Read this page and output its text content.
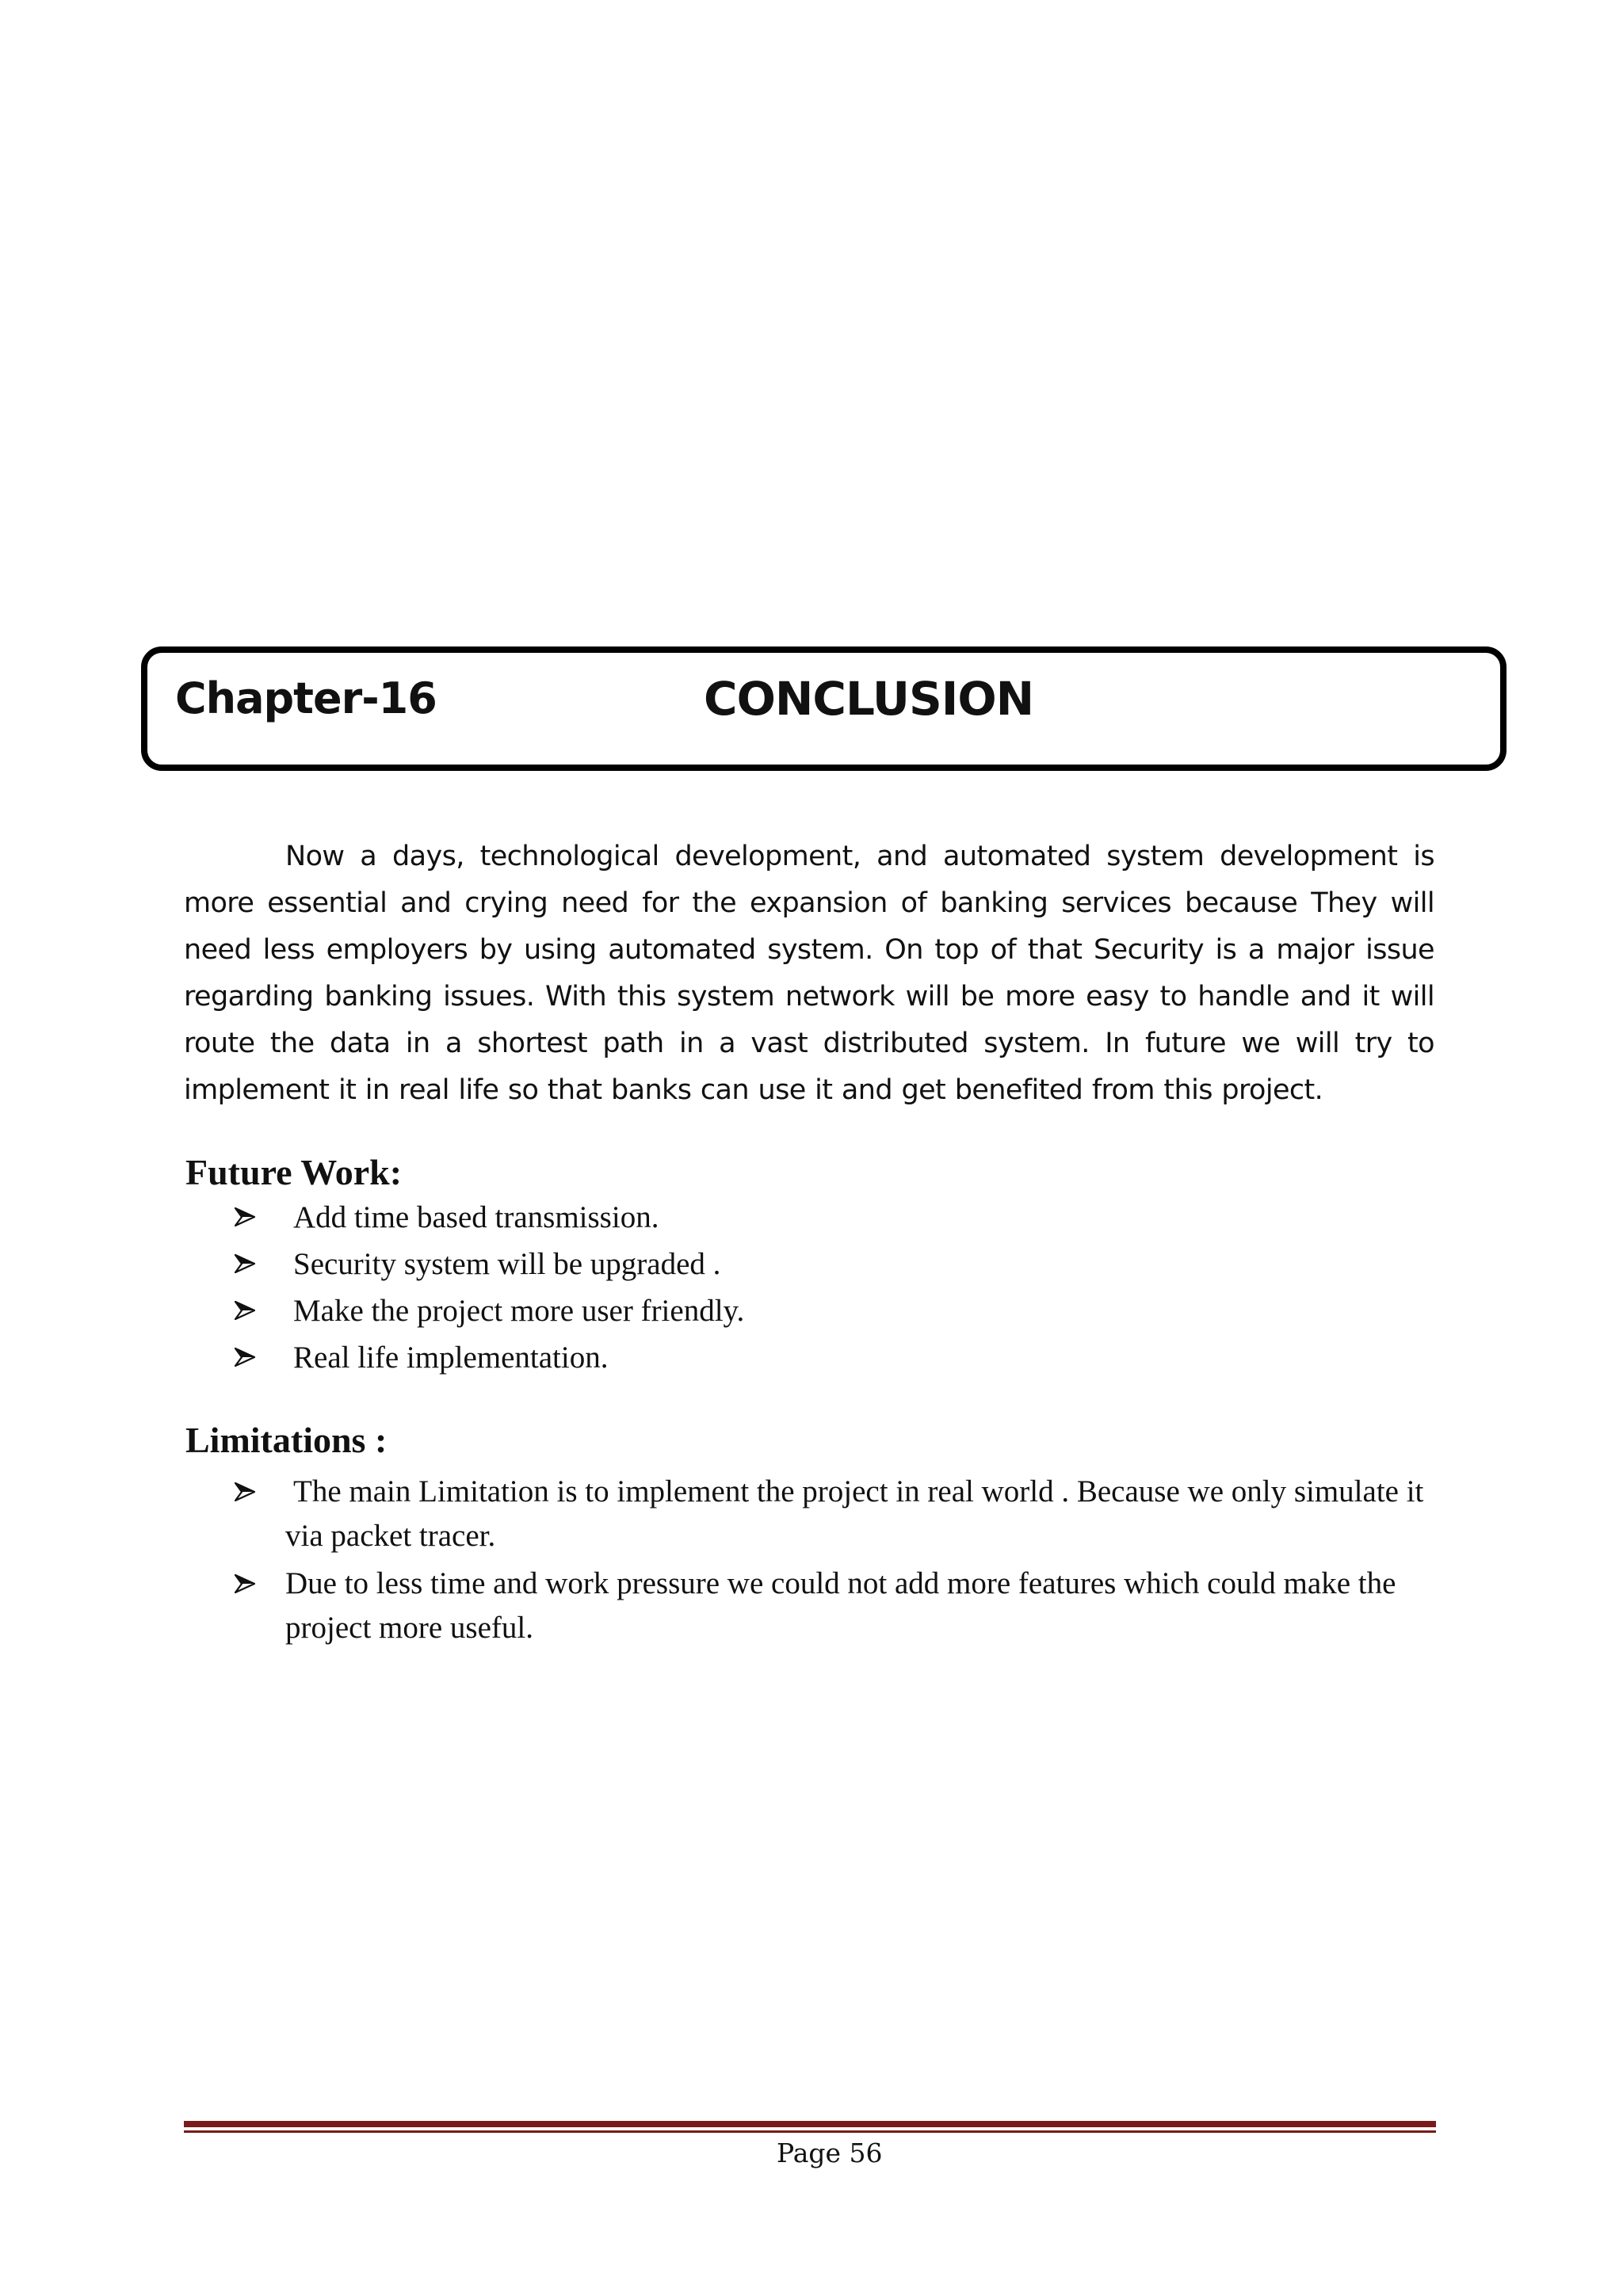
Chapter-16	CONCLUSION

Now a days, technological development, and automated system development is more essential and crying need for the expansion of banking services because They will need less employers by using automated system. On top of that Security is a major issue regarding banking issues. With this system network will be more easy to handle and it will route the data in a shortest path in a vast distributed system. In future we will try to implement it in real life so that banks can use it and get benefited from this project.

Future Work:
Add time based transmission.
Security system will be upgraded .
Make the project more user friendly.
Real life implementation.
Limitations :
The main Limitation is to implement the project in real world . Because we only simulate it via packet tracer.
Due to less time and work pressure we could not add more features which could make the project more useful.
Page 56
